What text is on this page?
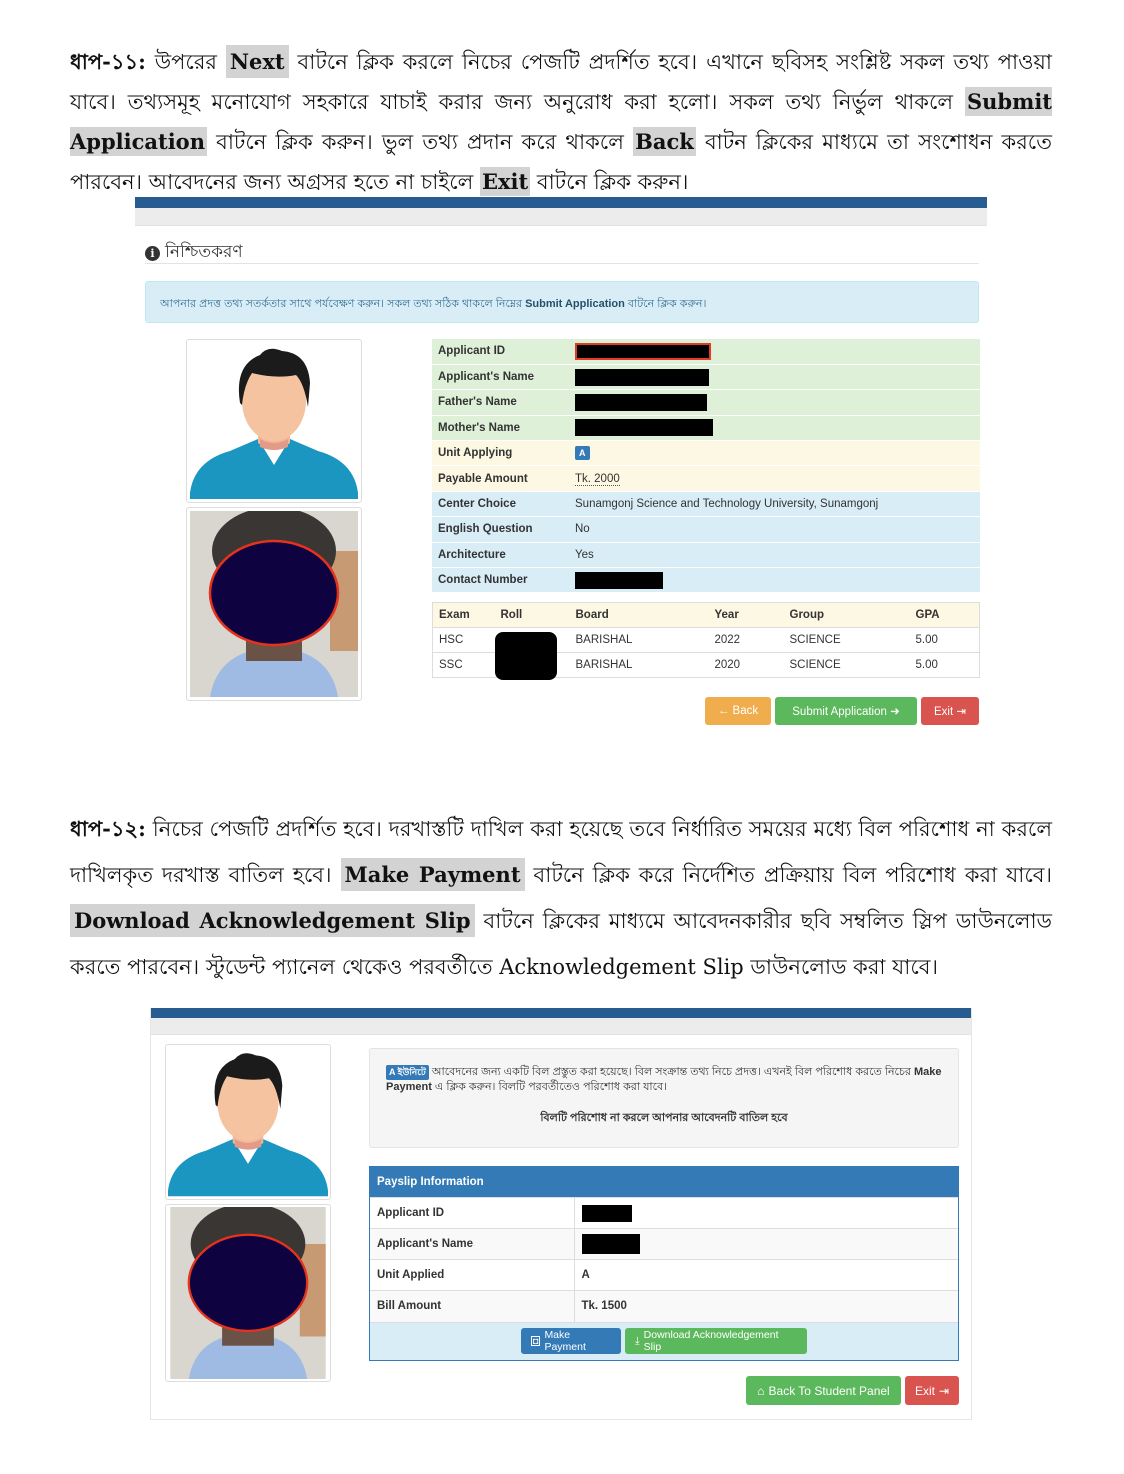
ধাপ-১১: উপরের Next বাটনে ক্লিক করলে নিচের পেজটি প্রদর্শিত হবে। এখানে ছবিসহ সংশ্লিষ্ট সকল তথ্য পাওয়া যাবে। তথ্যসমূহ মনোযোগ সহকারে যাচাই করার জন্য অনুরোধ করা হলো। সকল তথ্য নির্ভুল থাকলে Submit Application বাটনে ক্লিক করুন। ভুল তথ্য প্রদান করে থাকলে Back বাটন ক্লিকের মাধ্যমে তা সংশোধন করতে পারবেন। আবেদনের জন্য অগ্রসর হতে না চাইলে Exit বাটনে ক্লিক করুন।
i নিশ্চিতকরণ
আপনার প্রদত্ত তথ্য সতর্কতার সাথে পর্যবেক্ষণ করুন। সকল তথ্য সঠিক থাকলে নিম্নের Submit Application বাটনে ক্লিক করুন।
Applicant ID	
Applicant's Name	
Father's Name	
Mother's Name	
Unit Applying	A
Payable Amount	Tk. 2000
Center Choice	Sunamgonj Science and Technology University, Sunamgonj
English Question	No
Architecture	Yes
Contact Number	
Exam	Roll	Board	Year	Group	GPA
HSC		BARISHAL	2022	SCIENCE	5.00
SSC		BARISHAL	2020	SCIENCE	5.00
← Back	Submit Application ➜	Exit ⇥
ধাপ-১২: নিচের পেজটি প্রদর্শিত হবে। দরখাস্তটি দাখিল করা হয়েছে তবে নির্ধারিত সময়ের মধ্যে বিল পরিশোধ না করলে দাখিলকৃত দরখাস্ত বাতিল হবে। Make Payment বাটনে ক্লিক করে নির্দেশিত প্রক্রিয়ায় বিল পরিশোধ করা যাবে। Download Acknowledgement Slip বাটনে ক্লিকের মাধ্যমে আবেদনকারীর ছবি সম্বলিত স্লিপ ডাউনলোড করতে পারবেন। স্টুডেন্ট প্যানেল থেকেও পরবর্তীতে Acknowledgement Slip ডাউনলোড করা যাবে।
A ইউনিটে আবেদনের জন্য একটি বিল প্রস্তুত করা হয়েছে। বিল সংক্রান্ত তথ্য নিচে প্রদত্ত। এখনই বিল পরিশোধ করতে নিচের Make Payment এ ক্লিক করুন। বিলটি পরবর্তীতেও পরিশোধ করা যাবে।
বিলটি পরিশোধ না করলে আপনার আবেদনটি বাতিল হবে
Payslip Information
Applicant ID	
Applicant's Name	
Unit Applied	A
Bill Amount	Tk. 1500
◘ Make Payment
⤓ Download Acknowledgement Slip
⌂ Back To Student Panel Exit ⇥
